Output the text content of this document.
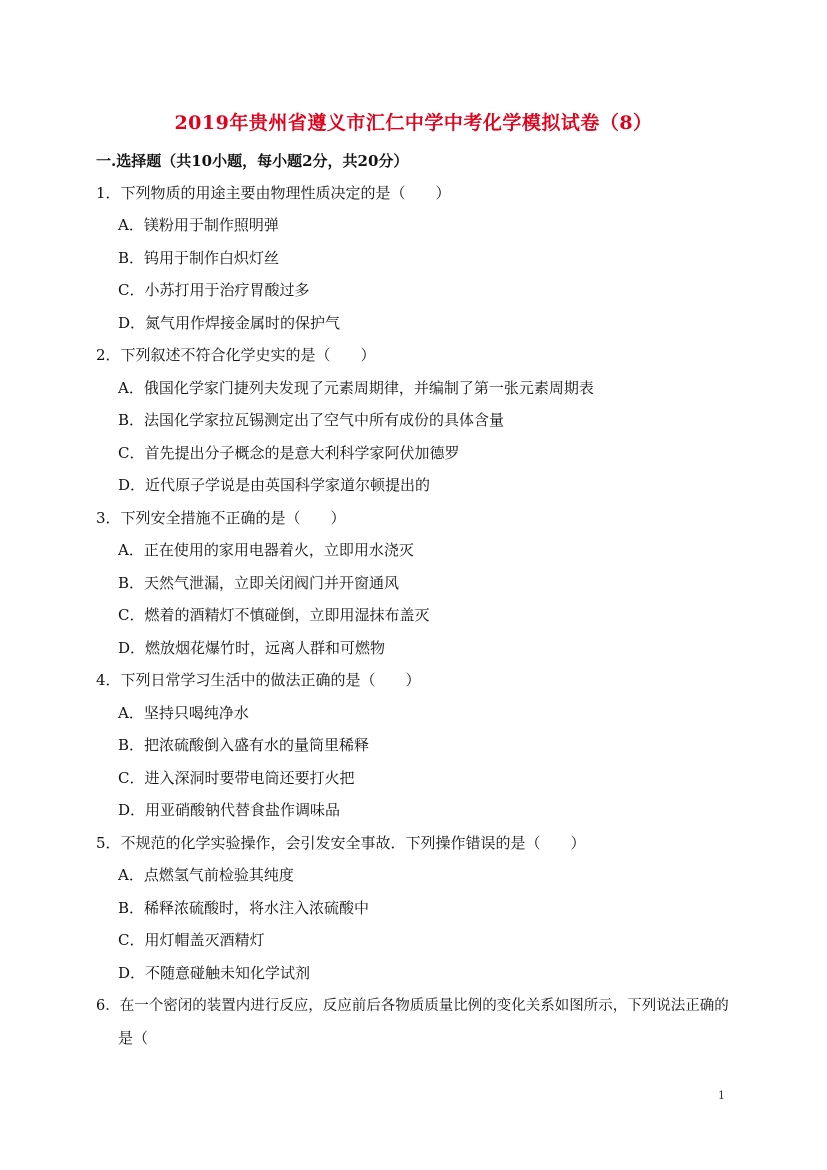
2019年贵州省遵义市汇仁中学中考化学模拟试卷（8）
一.选择题（共10小题，每小题2分，共20分）
1．下列物质的用途主要由物理性质决定的是（　　）
A．镁粉用于制作照明弹
B．钨用于制作白炽灯丝
C．小苏打用于治疗胃酸过多
D．氮气用作焊接金属时的保护气
2．下列叙述不符合化学史实的是（　　）
A．俄国化学家门捷列夫发现了元素周期律，并编制了第一张元素周期表
B．法国化学家拉瓦锡测定出了空气中所有成份的具体含量
C．首先提出分子概念的是意大利科学家阿伏加德罗
D．近代原子学说是由英国科学家道尔顿提出的
3．下列安全措施不正确的是（　　）
A．正在使用的家用电器着火，立即用水浇灭
B．天然气泄漏，立即关闭阀门并开窗通风
C．燃着的酒精灯不慎碰倒，立即用湿抹布盖灭
D．燃放烟花爆竹时，远离人群和可燃物
4．下列日常学习生活中的做法正确的是（　　）
A．坚持只喝纯净水
B．把浓硫酸倒入盛有水的量筒里稀释
C．进入深洞时要带电筒还要打火把
D．用亚硝酸钠代替食盐作调味品
5．不规范的化学实验操作，会引发安全事故．下列操作错误的是（　　）
A．点燃氢气前检验其纯度
B．稀释浓硫酸时，将水注入浓硫酸中
C．用灯帽盖灭酒精灯
D．不随意碰触未知化学试剂
6．在一个密闭的装置内进行反应，反应前后各物质质量比例的变化关系如图所示，下列说法正确的
是（
1
